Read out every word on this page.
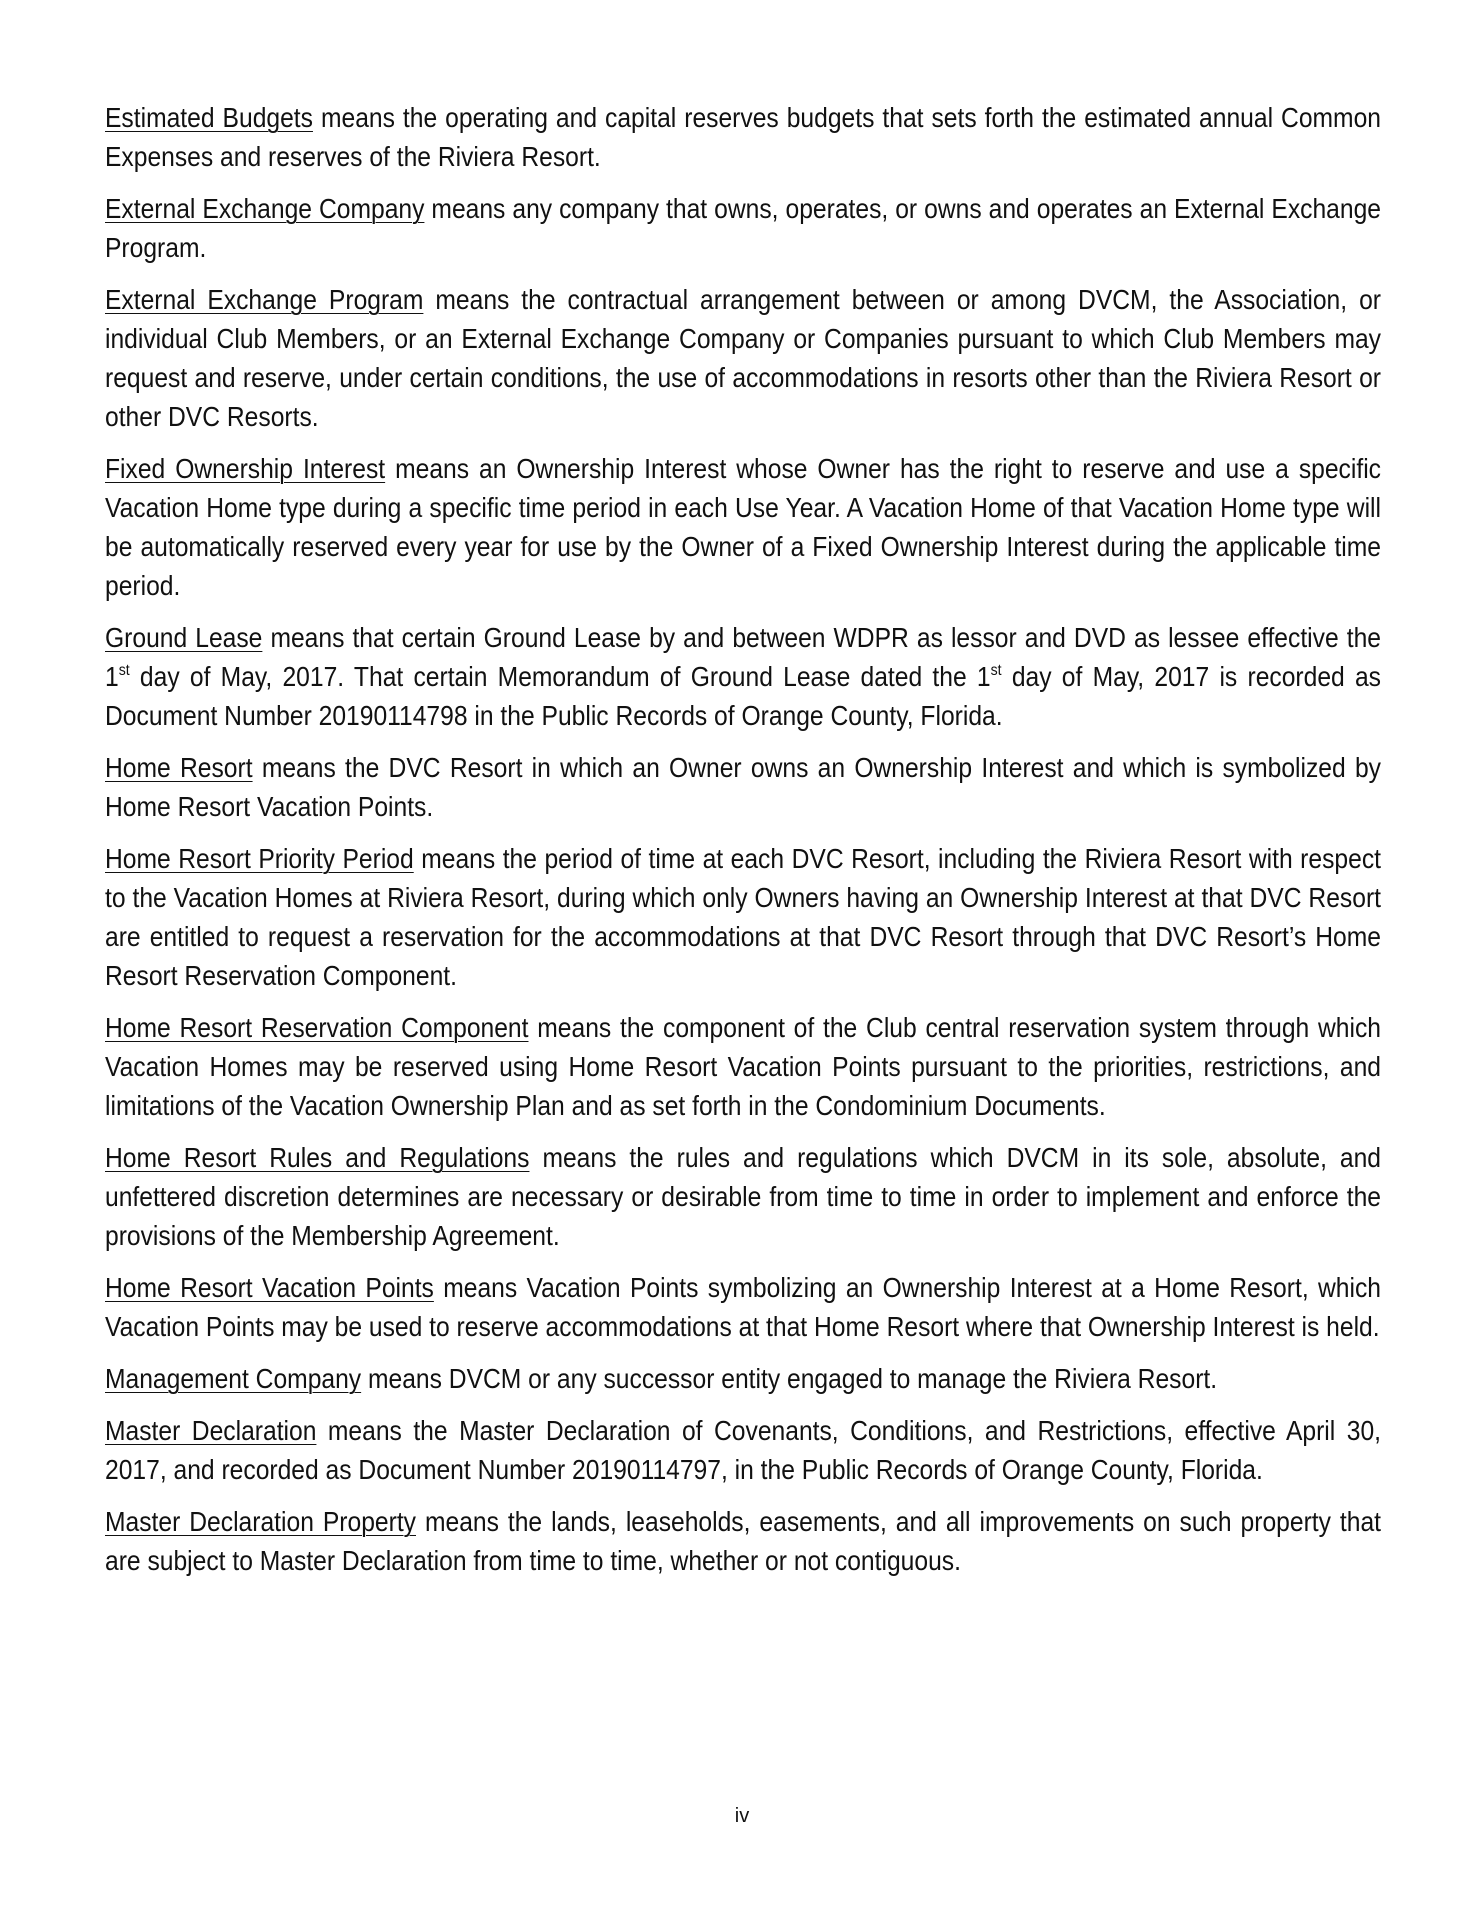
Estimated Budgets means the operating and capital reserves budgets that sets forth the estimated annual Common Expenses and reserves of the Riviera Resort.

External Exchange Company means any company that owns, operates, or owns and operates an External Exchange Program.

External Exchange Program means the contractual arrangement between or among DVCM, the Association, or individual Club Members, or an External Exchange Company or Companies pursuant to which Club Members may request and reserve, under certain conditions, the use of accommodations in resorts other than the Riviera Resort or other DVC Resorts.

Fixed Ownership Interest means an Ownership Interest whose Owner has the right to reserve and use a specific Vacation Home type during a specific time period in each Use Year. A Vacation Home of that Vacation Home type will be automatically reserved every year for use by the Owner of a Fixed Ownership Interest during the applicable time period.

Ground Lease means that certain Ground Lease by and between WDPR as lessor and DVD as lessee effective the 1st day of May, 2017. That certain Memorandum of Ground Lease dated the 1st day of May, 2017 is recorded as Document Number 20190114798 in the Public Records of Orange County, Florida.

Home Resort means the DVC Resort in which an Owner owns an Ownership Interest and which is symbolized by Home Resort Vacation Points.

Home Resort Priority Period means the period of time at each DVC Resort, including the Riviera Resort with respect to the Vacation Homes at Riviera Resort, during which only Owners having an Ownership Interest at that DVC Resort are entitled to request a reservation for the accommodations at that DVC Resort through that DVC Resort’s Home Resort Reservation Component.

Home Resort Reservation Component means the component of the Club central reservation system through which Vacation Homes may be reserved using Home Resort Vacation Points pursuant to the priorities, restrictions, and limitations of the Vacation Ownership Plan and as set forth in the Condominium Documents.

Home Resort Rules and Regulations means the rules and regulations which DVCM in its sole, absolute, and unfettered discretion determines are necessary or desirable from time to time in order to implement and enforce the provisions of the Membership Agreement.

Home Resort Vacation Points means Vacation Points symbolizing an Ownership Interest at a Home Resort, which Vacation Points may be used to reserve accommodations at that Home Resort where that Ownership Interest is held.

Management Company means DVCM or any successor entity engaged to manage the Riviera Resort.

Master Declaration means the Master Declaration of Covenants, Conditions, and Restrictions, effective April 30, 2017, and recorded as Document Number 20190114797, in the Public Records of Orange County, Florida.

Master Declaration Property means the lands, leaseholds, easements, and all improvements on such property that are subject to Master Declaration from time to time, whether or not contiguous.

iv
